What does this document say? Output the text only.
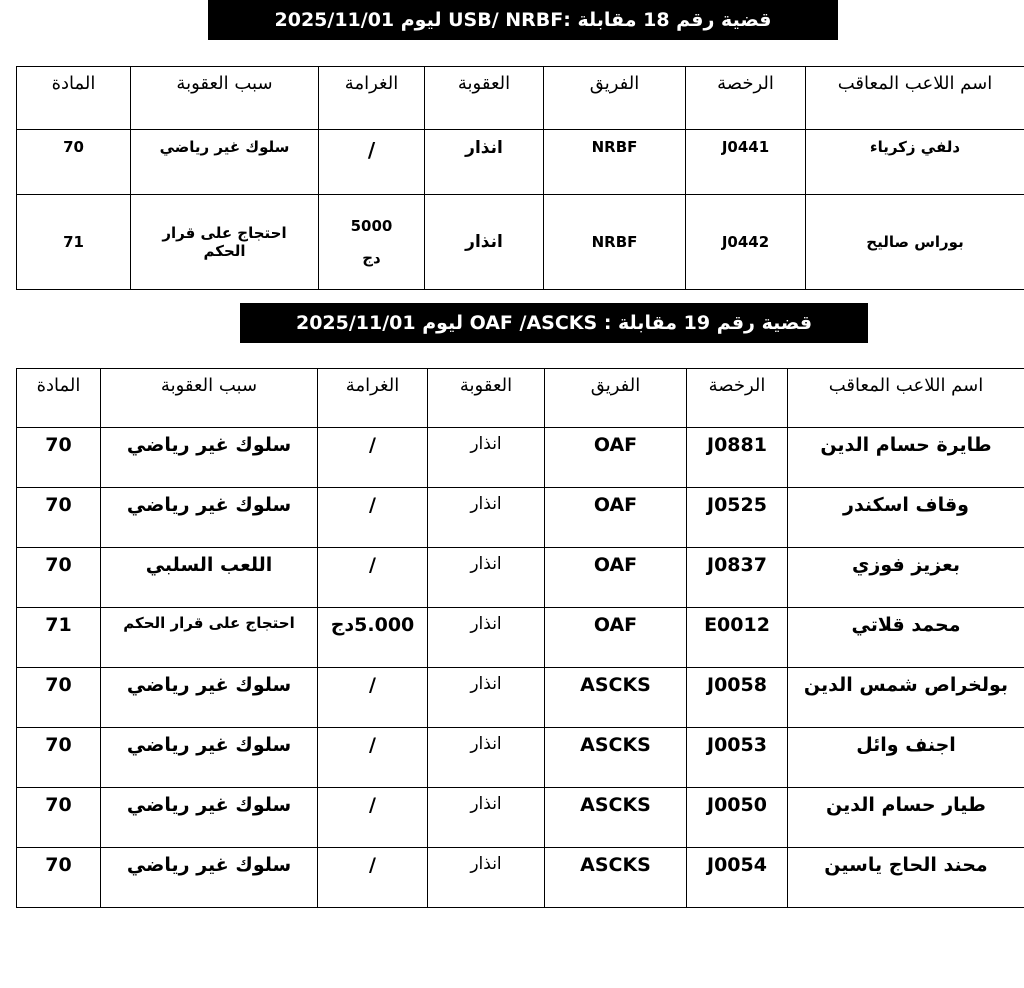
قضية رقم 18 مقابلة :USB/ NRBF ليوم 2025/11/01
المادة	سبب العقوبة	الغرامة	العقوبة	الفريق	الرخصة	اسم اللاعب المعاقب
70	سلوك غير رياضي	/	انذار	NRBF	J0441	دلفي زكرياء
71	احتجاج على قرار الحكم	5000 دج	انذار	NRBF	J0442	بوراس صاليح
قضية رقم 19 مقابلة : OAF /ASCKS ليوم 2025/11/01
المادة	سبب العقوبة	الغرامة	العقوبة	الفريق	الرخصة	اسم اللاعب المعاقب
70	سلوك غير رياضي	/	انذار	OAF	J0881	طايرة حسام الدين
70	سلوك غير رياضي	/	انذار	OAF	J0525	وقاف اسكندر
70	اللعب السلبي	/	انذار	OAF	J0837	بعزيز فوزي
71	احتجاج على قرار الحكم	5.000دج	انذار	OAF	E0012	محمد قلاتي
70	سلوك غير رياضي	/	انذار	ASCKS	J0058	بولخراص شمس الدين
70	سلوك غير رياضي	/	انذار	ASCKS	J0053	اجنف وائل
70	سلوك غير رياضي	/	انذار	ASCKS	J0050	طيار حسام الدين
70	سلوك غير رياضي	/	انذار	ASCKS	J0054	محند الحاج ياسين
